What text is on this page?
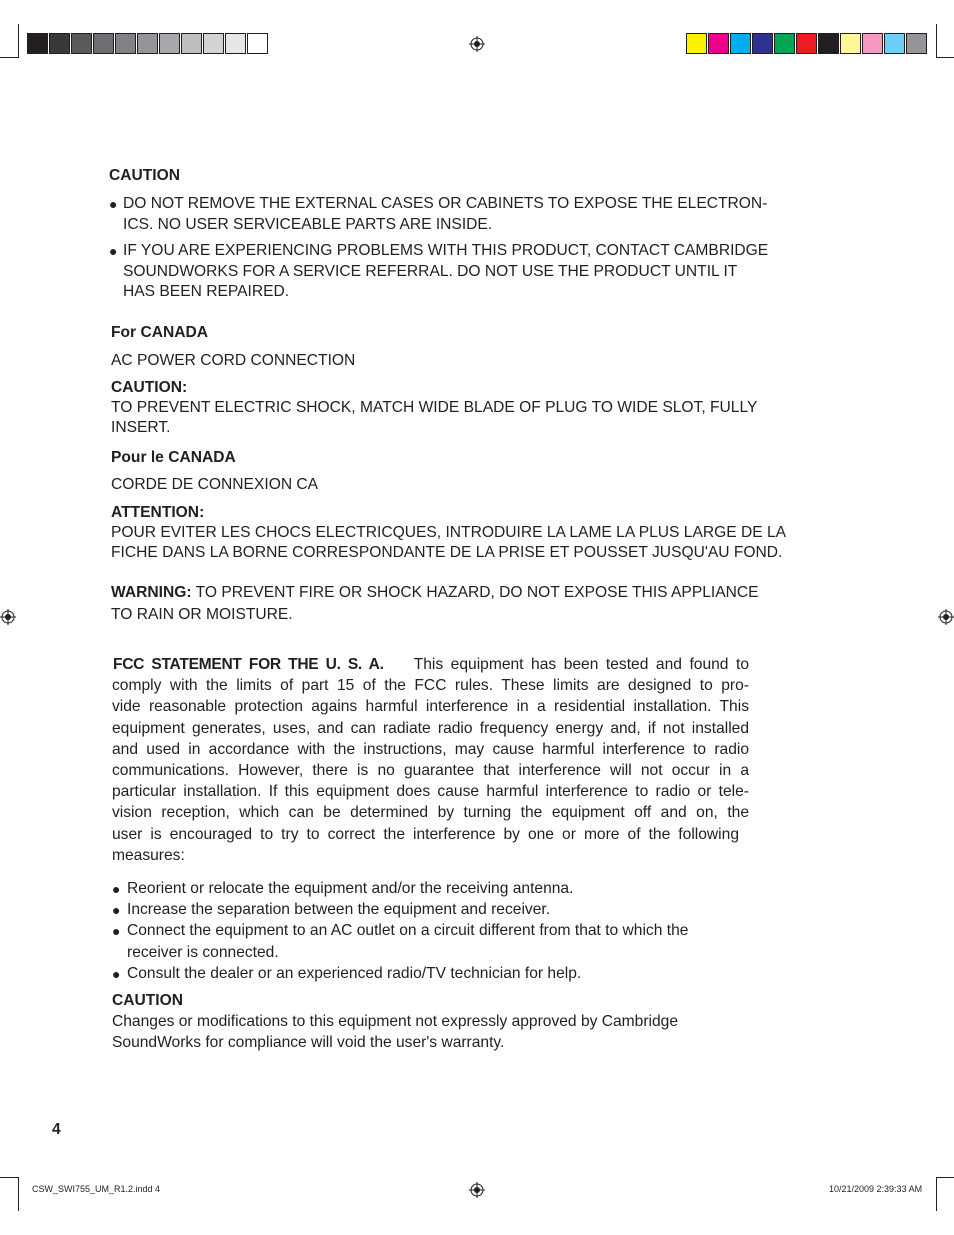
CAUTION
● DO NOT REMOVE THE EXTERNAL CASES OR CABINETS TO EXPOSE THE ELECTRON-
ICS. NO USER SERVICEABLE PARTS ARE INSIDE.
● IF YOU ARE EXPERIENCING PROBLEMS WITH THIS PRODUCT, CONTACT CAMBRIDGE
SOUNDWORKS FOR A SERVICE REFERRAL. DO NOT USE THE PRODUCT UNTIL IT
HAS BEEN REPAIRED.
For CANADA
AC POWER CORD CONNECTION
CAUTION:
TO PREVENT ELECTRIC SHOCK, MATCH WIDE BLADE OF PLUG TO WIDE SLOT, FULLY
INSERT.
Pour le CANADA
CORDE DE CONNEXION CA
ATTENTION:
POUR EVITER LES CHOCS ELECTRICQUES, INTRODUIRE LA LAME LA PLUS LARGE DE LA
FICHE DANS LA BORNE CORRESPONDANTE DE LA PRISE ET POUSSET JUSQU'AU FOND.
WARNING: TO PREVENT FIRE OR SHOCK HAZARD, DO NOT EXPOSE THIS APPLIANCE
TO RAIN OR MOISTURE.
FCC STATEMENT FOR THE U. S. A. This equipment has been tested and found to
comply with the limits of part 15 of the FCC rules. These limits are designed to pro-
vide reasonable protection agains harmful interference in a residential installation. This
equipment generates, uses, and can radiate radio frequency energy and, if not installed
and used in accordance with the instructions, may cause harmful interference to radio
communications. However, there is no guarantee that interference will not occur in a
particular installation. If this equipment does cause harmful interference to radio or tele-
vision reception, which can be determined by turning the equipment off and on, the
user is encouraged to try to correct the interference by one or more of the following
measures:
● Reorient or relocate the equipment and/or the receiving antenna.
● Increase the separation between the equipment and receiver.
● Connect the equipment to an AC outlet on a circuit different from that to which the
receiver is connected.
● Consult the dealer or an experienced radio/TV technician for help.
CAUTION
Changes or modifications to this equipment not expressly approved by Cambridge
SoundWorks for compliance will void the user's warranty.
4
CSW_SWI755_UM_R1.2.indd 4	10/21/2009 2:39:33 AM
